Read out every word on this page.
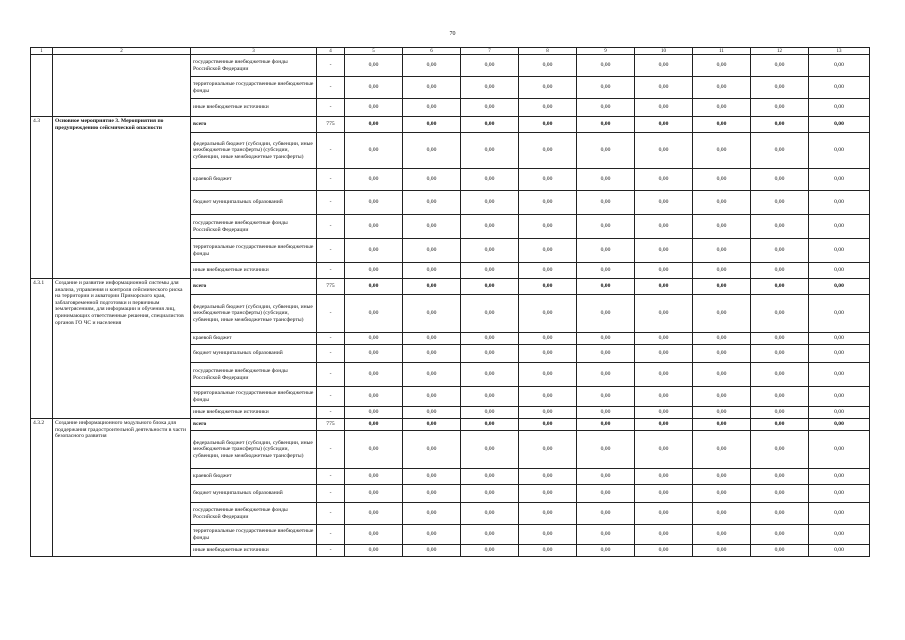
70
1	2	3	4	5	6	7	8	9	10	11	12	13
		государственные внебюджетные фонды Российской Федерации	-	0,00	0,00	0,00	0,00	0,00	0,00	0,00	0,00	0,00
		территориальные государственные внебюджетные фонды	-	0,00	0,00	0,00	0,00	0,00	0,00	0,00	0,00	0,00
		иные внебюджетные источники	-	0,00	0,00	0,00	0,00	0,00	0,00	0,00	0,00	0,00
4.3	Основное мероприятие 3. Мероприятия по предупреждению сейсмической опасности	всего	775	0,00	0,00	0,00	0,00	0,00	0,00	0,00	0,00	0,00
		федеральный бюджет (субсидии, субвенции, иные межбюджетные трансферты) (субсидии, субвенции, иные межбюджетные трансферты)	-	0,00	0,00	0,00	0,00	0,00	0,00	0,00	0,00	0,00
		краевой бюджет	-	0,00	0,00	0,00	0,00	0,00	0,00	0,00	0,00	0,00
		бюджет муниципальных образований	-	0,00	0,00	0,00	0,00	0,00	0,00	0,00	0,00	0,00
		государственные внебюджетные фонды Российской Федерации	-	0,00	0,00	0,00	0,00	0,00	0,00	0,00	0,00	0,00
		территориальные государственные внебюджетные фонды	-	0,00	0,00	0,00	0,00	0,00	0,00	0,00	0,00	0,00
		иные внебюджетные источники	-	0,00	0,00	0,00	0,00	0,00	0,00	0,00	0,00	0,00
4.3.1	Создание и развитие информационной системы для анализа, управления и контроля сейсмического риска на территории и акватории Приморского края, заблаговременной подготовки и первичным землетрясениям, для информации и обучения лиц, принимающих ответственные решения, специалистов органов ГО ЧС и населения	всего	775	0,00	0,00	0,00	0,00	0,00	0,00	0,00	0,00	0,00
		федеральный бюджет (субсидии, субвенции, иные межбюджетные трансферты) (субсидии, субвенции, иные межбюджетные трансферты)	-	0,00	0,00	0,00	0,00	0,00	0,00	0,00	0,00	0,00
		краевой бюджет	-	0,00	0,00	0,00	0,00	0,00	0,00	0,00	0,00	0,00
		бюджет муниципальных образований	-	0,00	0,00	0,00	0,00	0,00	0,00	0,00	0,00	0,00
		государственные внебюджетные фонды Российской Федерации	-	0,00	0,00	0,00	0,00	0,00	0,00	0,00	0,00	0,00
		территориальные государственные внебюджетные фонды	-	0,00	0,00	0,00	0,00	0,00	0,00	0,00	0,00	0,00
		иные внебюджетные источники	-	0,00	0,00	0,00	0,00	0,00	0,00	0,00	0,00	0,00
4.3.2	Создание информационного модульного блока для поддержания градостроительной деятельности в части безопасного развития	всего	775	0,00	0,00	0,00	0,00	0,00	0,00	0,00	0,00	0,00
		федеральный бюджет (субсидии, субвенции, иные межбюджетные трансферты) (субсидии, субвенции, иные межбюджетные трансферты)	-	0,00	0,00	0,00	0,00	0,00	0,00	0,00	0,00	0,00
		краевой бюджет	-	0,00	0,00	0,00	0,00	0,00	0,00	0,00	0,00	0,00
		бюджет муниципальных образований	-	0,00	0,00	0,00	0,00	0,00	0,00	0,00	0,00	0,00
		государственные внебюджетные фонды Российской Федерации	-	0,00	0,00	0,00	0,00	0,00	0,00	0,00	0,00	0,00
		территориальные государственные внебюджетные фонды	-	0,00	0,00	0,00	0,00	0,00	0,00	0,00	0,00	0,00
		иные внебюджетные источники	-	0,00	0,00	0,00	0,00	0,00	0,00	0,00	0,00	0,00
